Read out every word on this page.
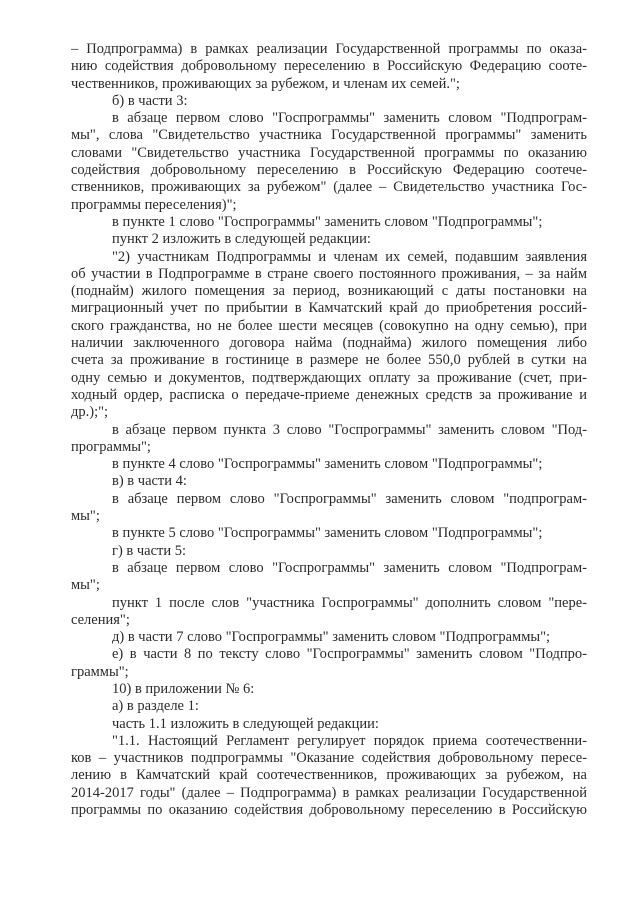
– Подпрограмма) в рамках реализации Государственной программы по оказа-
нию содействия добровольному переселению в Российскую Федерацию сооте-
чественников, проживающих за рубежом, и членам их семей.";

б) в части 3:

в абзаце первом слово "Госпрограммы" заменить словом "Подпрограм-
мы", слова "Свидетельство участника Государственной программы" заменить
словами "Свидетельство участника Государственной программы по оказанию
содействия добровольному переселению в Российскую Федерацию соотече-
ственников, проживающих за рубежом" (далее – Свидетельство участника Гос-
программы переселения)";

в пункте 1 слово "Госпрограммы" заменить словом "Подпрограммы";

пункт 2 изложить в следующей редакции:

"2) участникам Подпрограммы и членам их семей, подавшим заявления
об участии в Подпрограмме в стране своего постоянного проживания, – за найм
(поднайм) жилого помещения за период, возникающий с даты постановки на
миграционный учет по прибытии в Камчатский край до приобретения россий-
ского гражданства, но не более шести месяцев (совокупно на одну семью), при
наличии заключенного договора найма (поднайма) жилого помещения либо
счета за проживание в гостинице в размере не более 550,0 рублей в сутки на
одну семью и документов, подтверждающих оплату за проживание (счет, при-
ходный ордер, расписка о передаче-приеме денежных средств за проживание и
др.);";

в абзаце первом пункта 3 слово "Госпрограммы" заменить словом "Под-
программы";

в пункте 4 слово "Госпрограммы" заменить словом "Подпрограммы";

в) в части 4:

в абзаце первом слово "Госпрограммы" заменить словом "подпрограм-
мы";

в пункте 5 слово "Госпрограммы" заменить словом "Подпрограммы";

г) в части 5:

в абзаце первом слово "Госпрограммы" заменить словом "Подпрограм-
мы";

пункт 1 после слов "участника Госпрограммы" дополнить словом "пере-
селения";

д) в части 7 слово "Госпрограммы" заменить словом "Подпрограммы";

е) в части 8 по тексту слово "Госпрограммы" заменить словом "Подпро-
граммы";

10) в приложении № 6:

а) в разделе 1:

часть 1.1 изложить в следующей редакции:

"1.1. Настоящий Регламент регулирует порядок приема соотечественни-
ков – участников подпрограммы "Оказание содействия добровольному пересе-
лению в Камчатский край соотечественников, проживающих за рубежом, на
2014-2017 годы" (далее – Подпрограмма) в рамках реализации Государственной
программы по оказанию содействия добровольному переселению в Российскую
